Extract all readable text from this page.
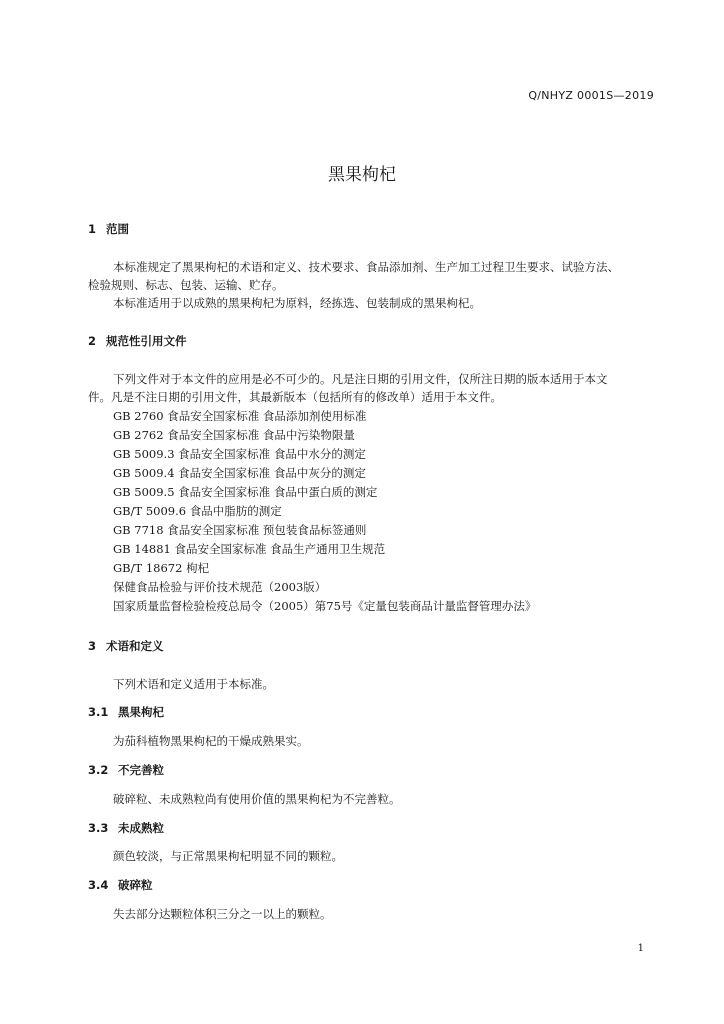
Q/NHYZ 0001S—2019
黑果枸杞
1 范围
本标准规定了黑果枸杞的术语和定义、技术要求、食品添加剂、生产加工过程卫生要求、试验方法、
检验规则、标志、包装、运输、贮存。
本标准适用于以成熟的黑果枸杞为原料，经拣选、包装制成的黑果枸杞。
2 规范性引用文件
下列文件对于本文件的应用是必不可少的。凡是注日期的引用文件，仅所注日期的版本适用于本文
件。凡是不注日期的引用文件，其最新版本（包括所有的修改单）适用于本文件。
GB 2760 食品安全国家标准 食品添加剂使用标准
GB 2762 食品安全国家标准 食品中污染物限量
GB 5009.3 食品安全国家标准 食品中水分的测定
GB 5009.4 食品安全国家标准 食品中灰分的测定
GB 5009.5 食品安全国家标准 食品中蛋白质的测定
GB/T 5009.6 食品中脂肪的测定
GB 7718 食品安全国家标准 预包装食品标签通则
GB 14881 食品安全国家标准 食品生产通用卫生规范
GB/T 18672 枸杞
保健食品检验与评价技术规范（2003版）
国家质量监督检验检疫总局令（2005）第75号《定量包装商品计量监督管理办法》
3 术语和定义
下列术语和定义适用于本标准。
3.1 黑果枸杞
为茄科植物黑果枸杞的干燥成熟果实。
3.2 不完善粒
破碎粒、未成熟粒尚有使用价值的黑果枸杞为不完善粒。
3.3 未成熟粒
颜色较淡，与正常黑果枸杞明显不同的颗粒。
3.4 破碎粒
失去部分达颗粒体积三分之一以上的颗粒。
1
